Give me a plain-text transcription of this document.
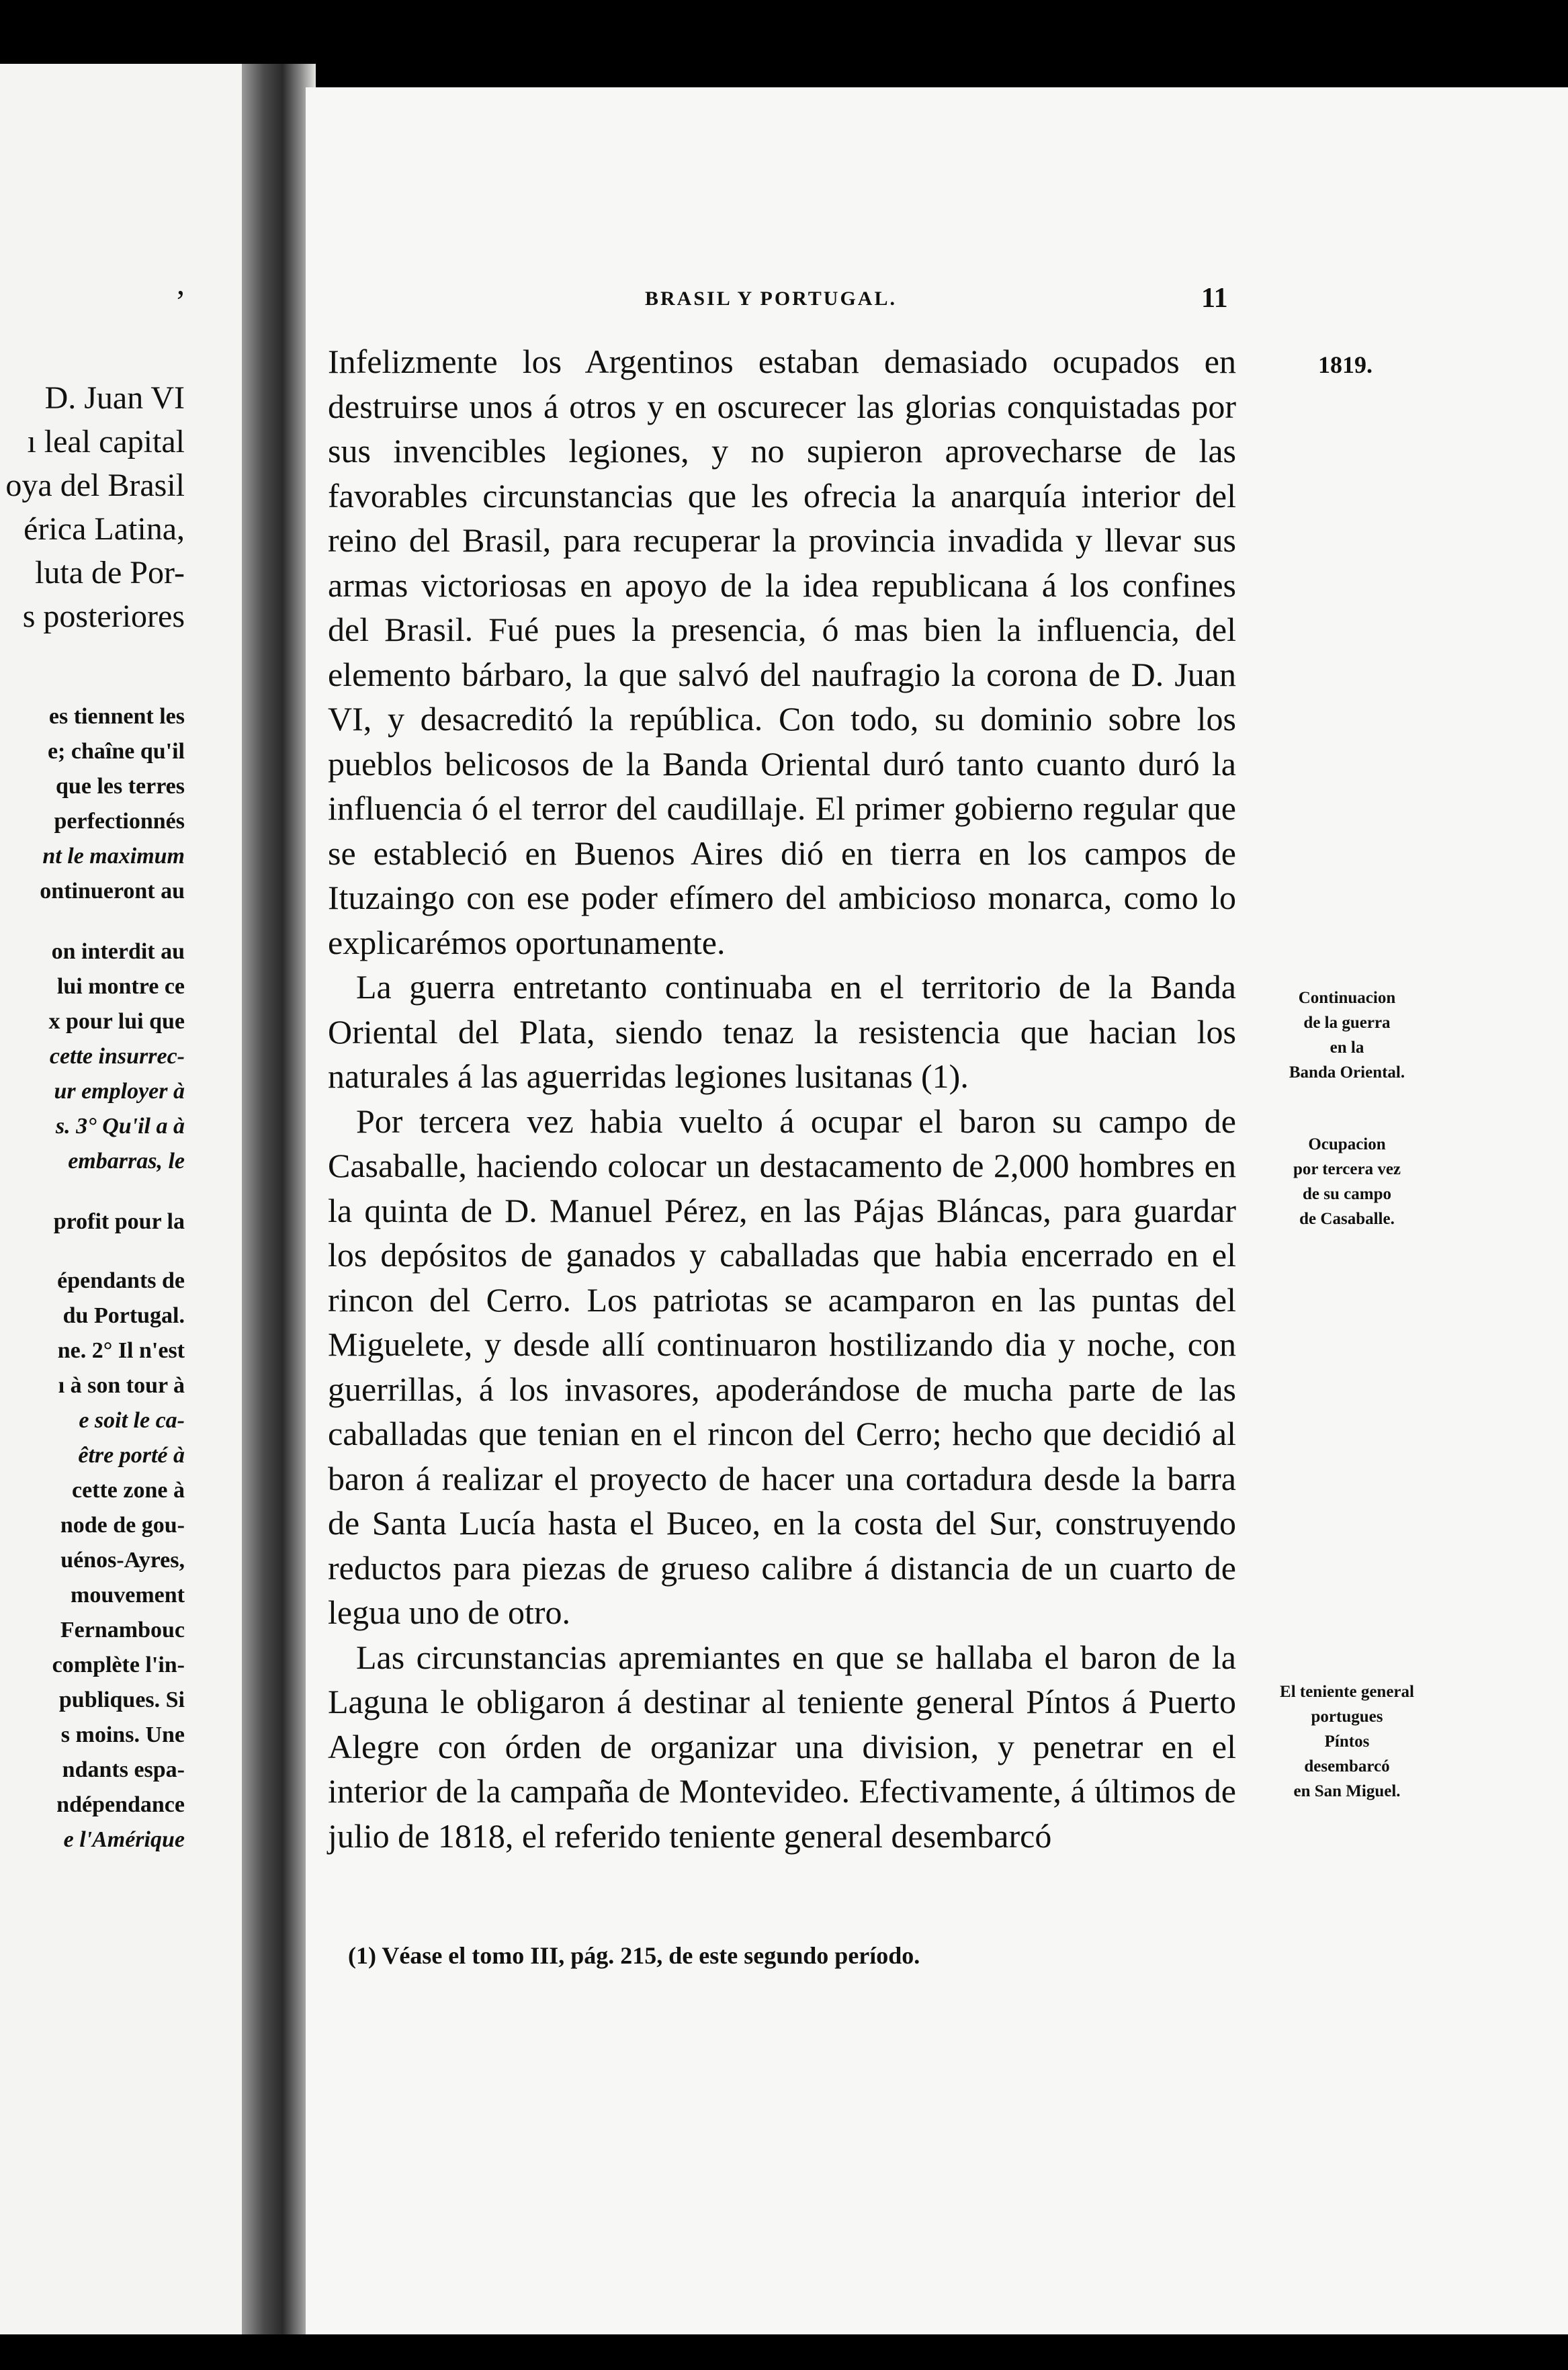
,
D. Juan VI
ı leal capital
oya del Brasil
érica Latina,
luta de Por-
s posteriores
es tiennent les
e; chaîne qu'il
que les terres
perfectionnés
nt le maximum
ontinueront au
on interdit au
lui montre ce
x pour lui que
cette insurrec-
ur employer à
s. 3° Qu'il a à
embarras, le
profit pour la
épendants de
du Portugal.
ne. 2° Il n'est
ı à son tour à
e soit le ca-
être porté à
cette zone à
node de gou-
uénos-Ayres,
mouvement
Fernambouc
complète l'in-
publiques. Si
s moins. Une
ndants espa-
ndépendance
e l'Amérique
BRASIL Y PORTUGAL.	11
1819.

Infelizmente los Argentinos estaban demasiado ocupados en destruirse unos á otros y en oscurecer las glorias conquistadas por sus invencibles legiones, y no supieron aprovecharse de las favorables circunstancias que les ofrecia la anarquía interior del reino del Brasil, para recuperar la provincia invadida y llevar sus armas victoriosas en apoyo de la idea republicana á los confines del Brasil. Fué pues la presencia, ó mas bien la influencia, del elemento bárbaro, la que salvó del naufragio la corona de D. Juan VI, y desacreditó la república. Con todo, su dominio sobre los pueblos belicosos de la Banda Oriental duró tanto cuanto duró la influencia ó el terror del caudillaje. El primer gobierno regular que se estableció en Buenos Aires dió en tierra en los campos de Ituzaingo con ese poder efímero del ambicioso monarca, como lo explicarémos oportunamente.

La guerra entretanto continuaba en el territorio de la Banda Oriental del Plata, siendo tenaz la resistencia que hacian los naturales á las aguerridas legiones lusitanas (1).

Por tercera vez habia vuelto á ocupar el baron su campo de Casaballe, haciendo colocar un destacamento de 2,000 hombres en la quinta de D. Manuel Pérez, en las Pájas Bláncas, para guardar los depósitos de ganados y caballadas que habia encerrado en el rincon del Cerro. Los patriotas se acamparon en las puntas del Miguelete, y desde allí continuaron hostilizando dia y noche, con guerrillas, á los invasores, apoderándose de mucha parte de las caballadas que tenian en el rincon del Cerro; hecho que decidió al baron á realizar el proyecto de hacer una cortadura desde la barra de Santa Lucía hasta el Buceo, en la costa del Sur, construyendo reductos para piezas de grueso calibre á distancia de un cuarto de legua uno de otro.

Las circunstancias apremiantes en que se hallaba el baron de la Laguna le obligaron á destinar al teniente general Píntos á Puerto Alegre con órden de organizar una division, y penetrar en el interior de la campaña de Montevideo. Efectivamente, á últimos de julio de 1818, el referido teniente general desembarcó

Continuacion
de la guerra
en la
Banda Oriental.
Ocupacion
por tercera vez
de su campo
de Casaballe.
El teniente general
portugues
Píntos
desembarcó
en San Miguel.
(1) Véase el tomo III, pág. 215, de este segundo período.
